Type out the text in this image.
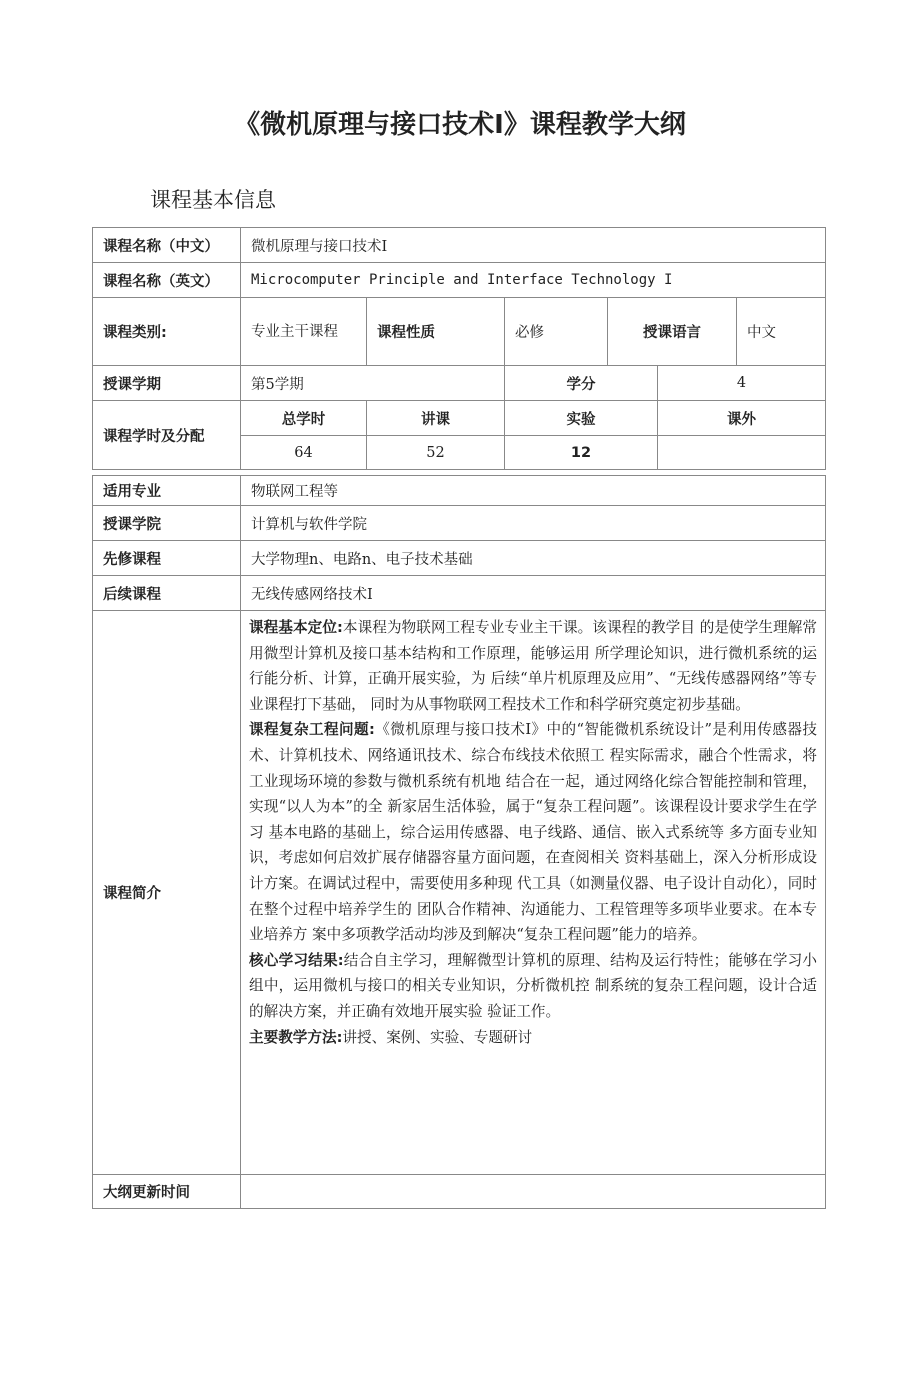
《微机原理与接口技术I》课程教学大纲
课程基本信息
课程名称（中文）	微机原理与接口技术I
课程名称（英文）	Microcomputer Principle and Interface Technology I
课程类别:	专业主干课程	课程性质	必修	授课语言	中文
授课学期	第5学期	学分	4
课程学时及分配
总学时	讲课	实验	课外
64	52	12
适用专业	物联网工程等
授课学院	计算机与软件学院
先修课程	大学物理n、电路n、电子技术基础
后续课程	无线传感网络技术I
课程简介

课程基本定位:本课程为物联网工程专业专业主干课。该课程的教学目 的是使学生理解常用微型计算机及接口基本结构和工作原理，能够运用 所学理论知识，进行微机系统的运行能分析、计算，正确开展实验，为 后续“单片机原理及应用”、“无线传感器网络”等专业课程打下基础， 同时为从事物联网工程技术工作和科学研究奠定初步基础。

课程复杂工程问题:《微机原理与接口技术I》中的“智能微机系统设计”是利用传感器技术、计算机技术、网络通讯技术、综合布线技术依照工 程实际需求，融合个性需求，将工业现场环境的参数与微机系统有机地 结合在一起，通过网络化综合智能控制和管理，实现“以人为本”的全 新家居生活体验，属于“复杂工程问题”。该课程设计要求学生在学习 基本电路的基础上，综合运用传感器、电子线路、通信、嵌入式系统等 多方面专业知识，考虑如何启效扩展存储器容量方面问题，在查阅相关 资料基础上，深入分析形成设计方案。在调试过程中，需要使用多种现 代工具（如测量仪器、电子设计自动化），同时在整个过程中培养学生的 团队合作精神、沟通能力、工程管理等多项毕业要求。在本专业培养方 案中多项教学活动均涉及到解决“复杂工程问题”能力的培养。

核心学习结果:结合自主学习，理解微型计算机的原理、结构及运行特性；能够在学习小组中，运用微机与接口的相关专业知识，分析微机控 制系统的复杂工程问题，设计合适的解决方案，并正确有效地开展实验 验证工作。

主要教学方法:讲授、案例、实验、专题研讨

大纲更新时间
